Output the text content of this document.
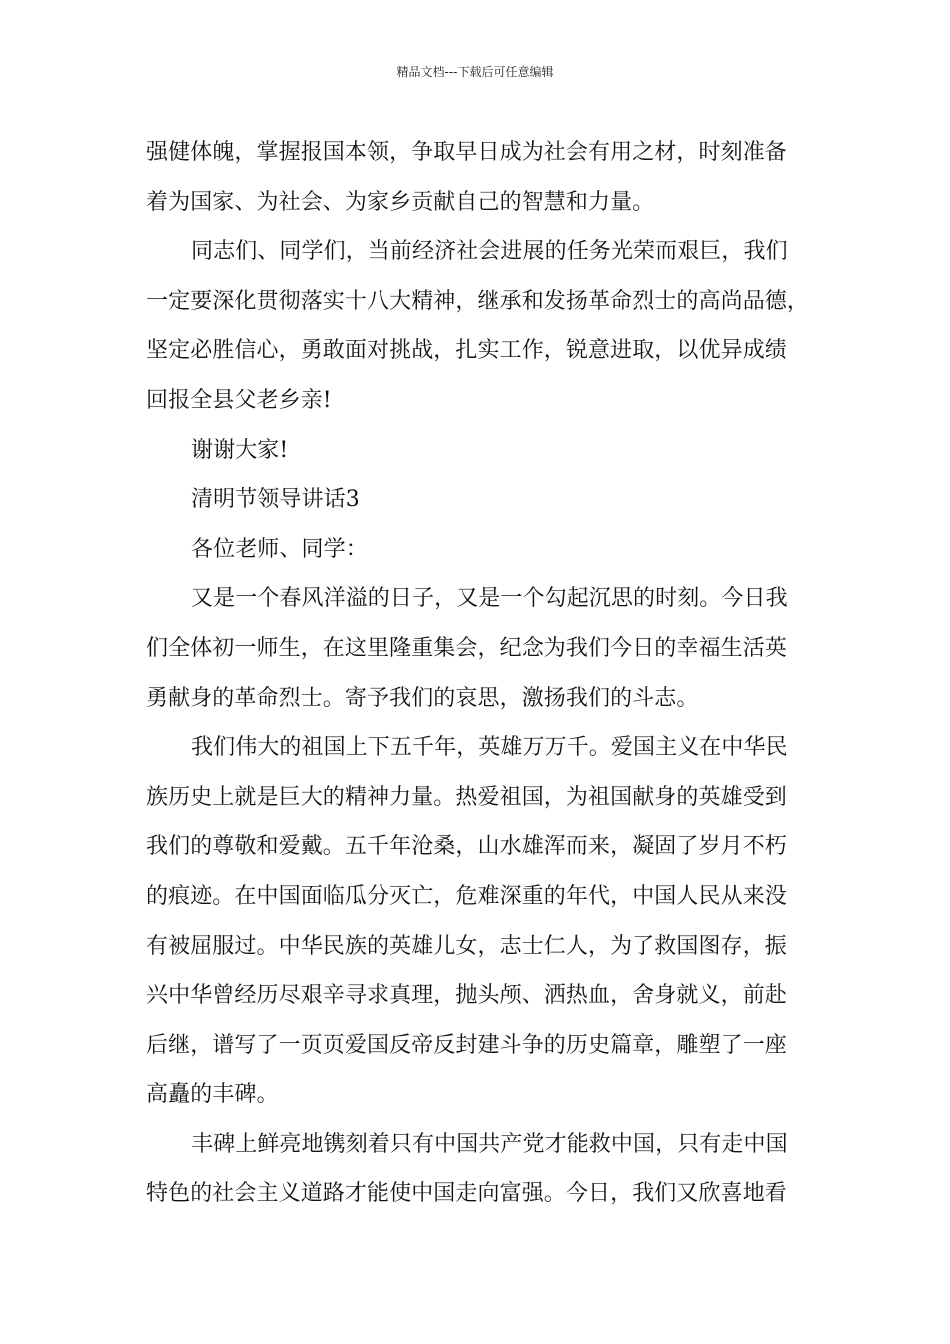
精品文档---下载后可任意编辑
强健体魄，掌握报国本领，争取早日成为社会有用之材，时刻准备
着为国家、为社会、为家乡贡献自己的智慧和力量。
同志们、同学们，当前经济社会进展的任务光荣而艰巨，我们
一定要深化贯彻落实十八大精神，继承和发扬革命烈士的高尚品德，
坚定必胜信心，勇敢面对挑战，扎实工作，锐意进取，以优异成绩
回报全县父老乡亲!
谢谢大家!
清明节领导讲话3
各位老师、同学：
又是一个春风洋溢的日子，又是一个勾起沉思的时刻。今日我
们全体初一师生，在这里隆重集会，纪念为我们今日的幸福生活英
勇献身的革命烈士。寄予我们的哀思，激扬我们的斗志。
我们伟大的祖国上下五千年，英雄万万千。爱国主义在中华民
族历史上就是巨大的精神力量。热爱祖国，为祖国献身的英雄受到
我们的尊敬和爱戴。五千年沧桑，山水雄浑而来，凝固了岁月不朽
的痕迹。在中国面临瓜分灭亡，危难深重的年代，中国人民从来没
有被屈服过。中华民族的英雄儿女，志士仁人，为了救国图存，振
兴中华曾经历尽艰辛寻求真理，抛头颅、洒热血，舍身就义，前赴
后继，谱写了一页页爱国反帝反封建斗争的历史篇章，雕塑了一座
高矗的丰碑。
丰碑上鲜亮地镌刻着只有中国共产党才能救中国，只有走中国
特色的社会主义道路才能使中国走向富强。今日，我们又欣喜地看
